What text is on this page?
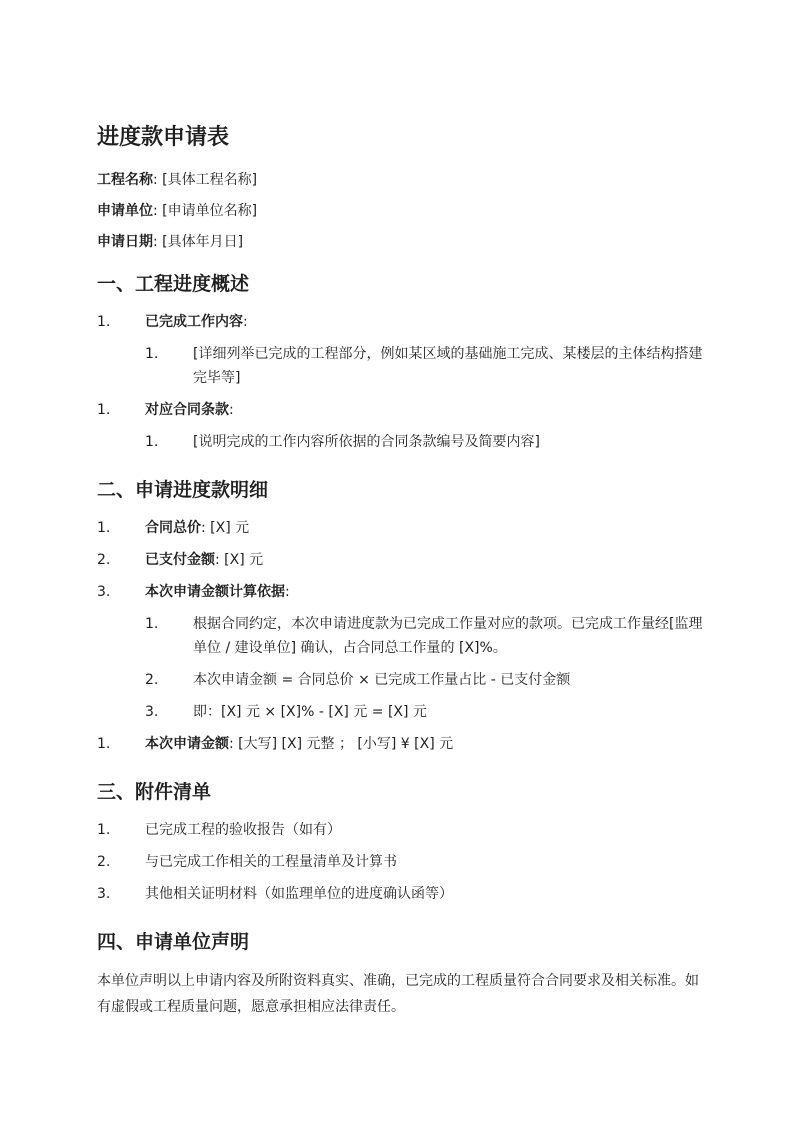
进度款申请表
工程名称: [具体工程名称]
申请单位: [申请单位名称]
申请日期: [具体年月日]
一、工程进度概述
1.	已完成工作内容:
1.	[详细列举已完成的工程部分，例如某区域的基础施工完成、某楼层的主体结构搭建完毕等]
1.	对应合同条款:
1.	[说明完成的工作内容所依据的合同条款编号及简要内容]
二、申请进度款明细
1.	合同总价: [X] 元
2.	已支付金额: [X] 元
3.	本次申请金额计算依据:
1.	根据合同约定，本次申请进度款为已完成工作量对应的款项。已完成工作量经[监理单位 / 建设单位] 确认，占合同总工作量的 [X]%。
2.	本次申请金额 = 合同总价 × 已完成工作量占比 - 已支付金额
3.	即：[X] 元 × [X]% - [X] 元 = [X] 元
1.	本次申请金额: [大写] [X] 元整 ； [小写] ¥ [X] 元
三、附件清单
1.	已完成工程的验收报告（如有）
2.	与已完成工作相关的工程量清单及计算书
3.	其他相关证明材料（如监理单位的进度确认函等）
四、申请单位声明
本单位声明以上申请内容及所附资料真实、准确，已完成的工程质量符合合同要求及相关标准。如有虚假或工程质量问题，愿意承担相应法律责任。
